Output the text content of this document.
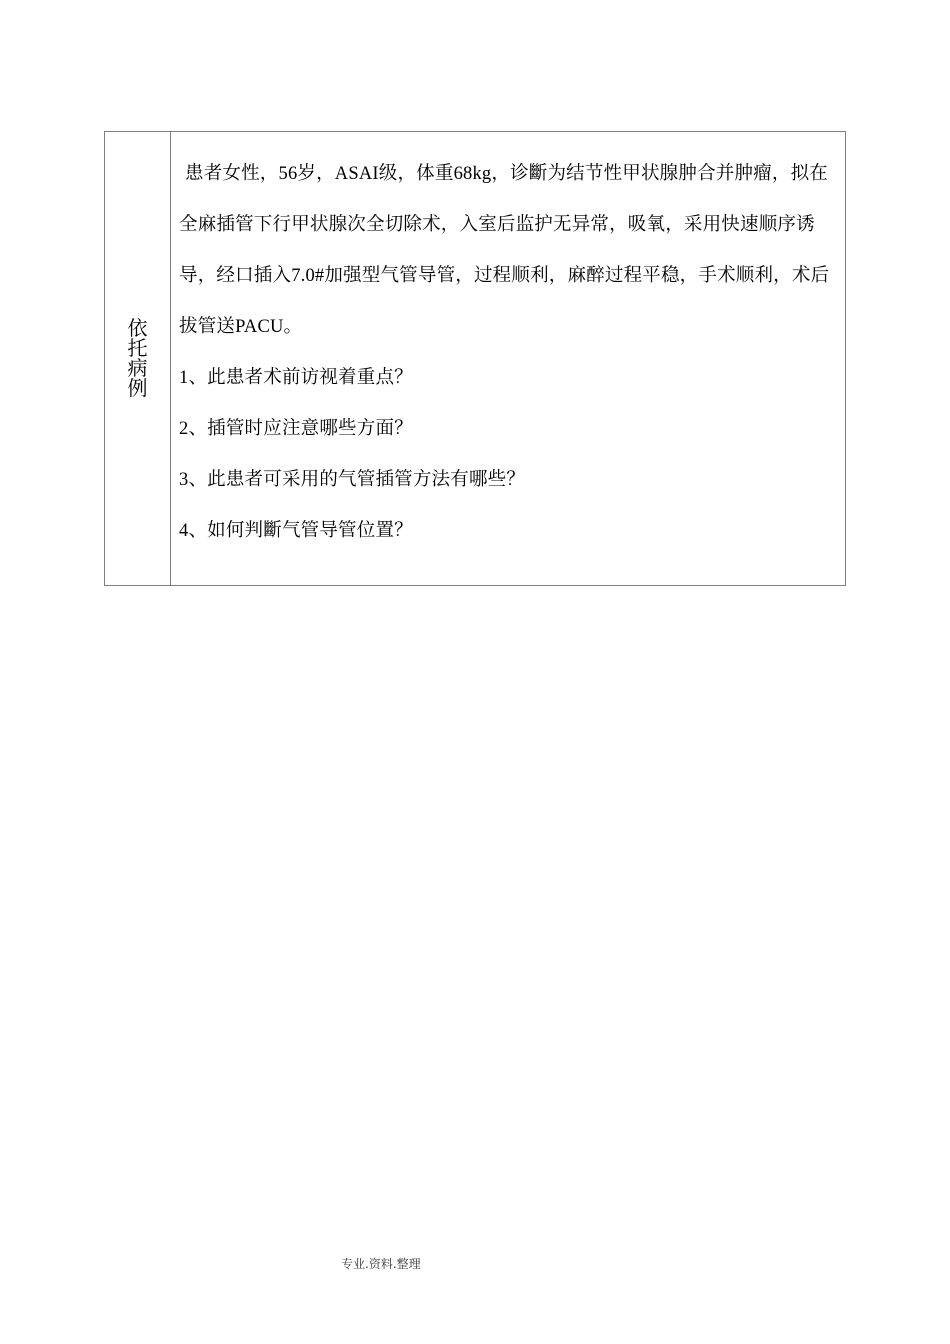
依托病例

患者女性，56岁，ASAI级，体重68kg，诊斷为结节性甲状腺肿合并肿瘤，拟在全麻插管下行甲状腺次全切除术，入室后监护无异常，吸氧，采用快速顺序诱导，经口插入7.0#加强型气管导管，过程顺利，麻醉过程平稳，手术顺利，术后拔管送PACU。

1、此患者术前访视着重点？

2、插管时应注意哪些方面？

3、此患者可采用的气管插管方法有哪些？

4、如何判斷气管导管位置？

专业.资料.整理
